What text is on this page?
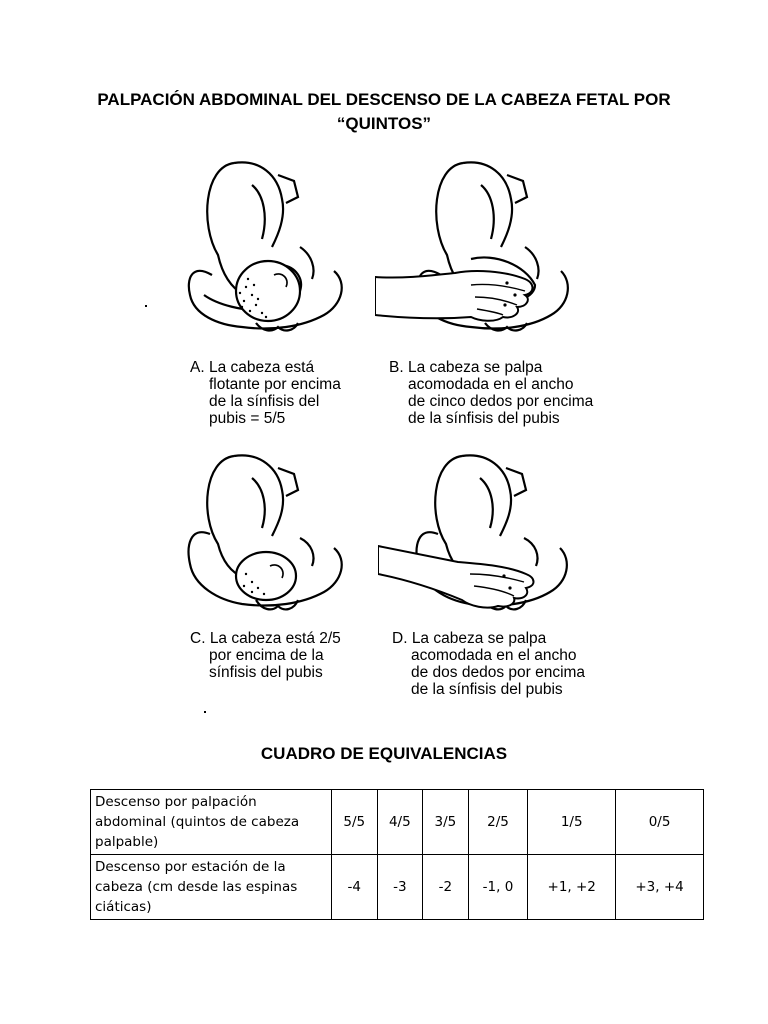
PALPACIÓN ABDOMINAL DEL DESCENSO DE LA CABEZA FETAL POR
“QUINTOS”
A. La cabeza está
flotante por encima
de la sínfisis del
pubis = 5/5
B. La cabeza se palpa
acomodada en el ancho
de cinco dedos por encima
de la sínfisis del pubis
C. La cabeza está 2/5
por encima de la
sínfisis del pubis
D. La cabeza se palpa
acomodada en el ancho
de dos dedos por encima
de la sínfisis del pubis
CUADRO DE EQUIVALENCIAS
Descenso por palpación abdominal (quintos de cabeza palpable)	5/5	4/5	3/5	2/5	1/5	0/5
Descenso por estación de la cabeza (cm desde las espinas ciáticas)	-4	-3	-2	-1, 0	+1, +2	+3, +4
